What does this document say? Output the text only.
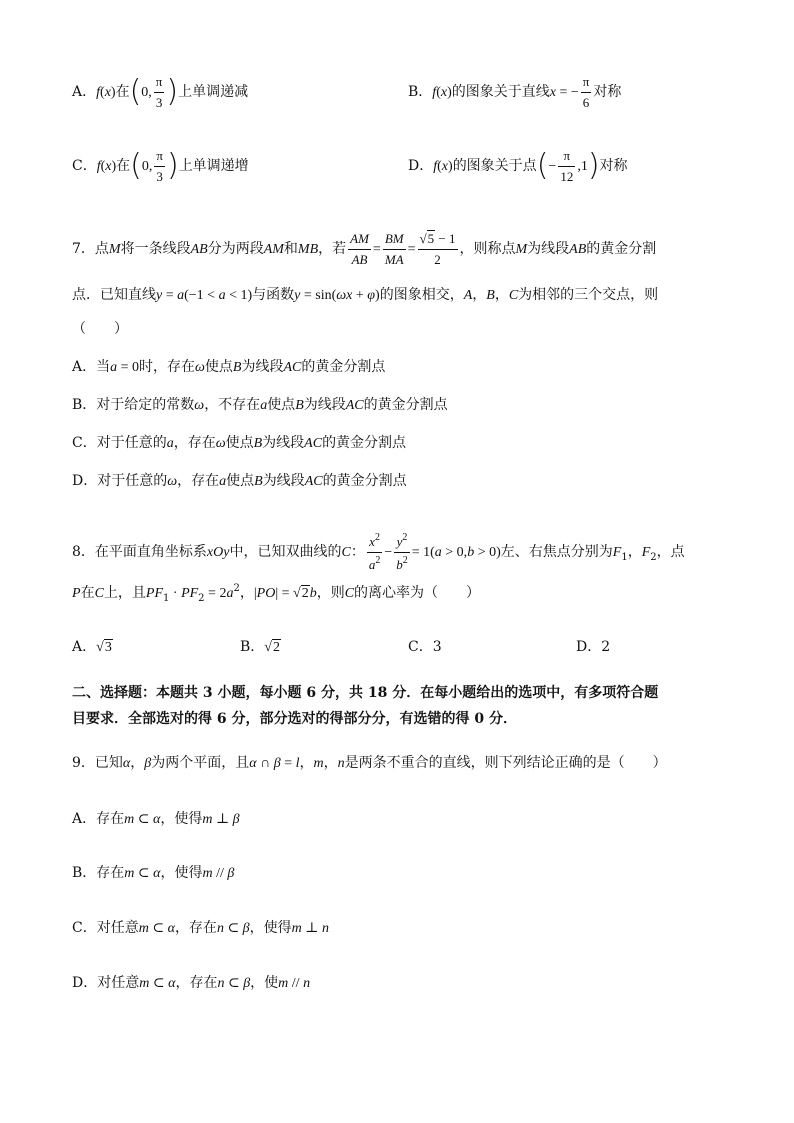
A．f(x)在(0, $\frac{\pi}{3}$ )上单调递减	B．f(x)的图象关于直线x = − $\frac{\pi}{6}$ 对称
C．f(x)在(0, $\frac{\pi}{3}$ )上单调递增	D．f(x)的图象关于点(− $\frac{\pi}{12} ,1$)对称
7．点M将一条线段AB分为两段AM和MB，若 $\frac{AM}{AB} = \frac{BM}{MA} = \frac{√5 - 1}{2}$ ，则称点M为线段AB的黄金分割
点．已知直线y = a(−1 < a < 1)与函数y = sin(ωx + φ)的图象相交，A，B，C为相邻的三个交点，则
（　　）
A．当a = 0时，存在ω使点B为线段AC的黄金分割点
B．对于给定的常数ω，不存在a使点B为线段AC的黄金分割点
C．对于任意的a，存在ω使点B为线段AC的黄金分割点
D．对于任意的ω，存在a使点B为线段AC的黄金分割点
8．在平面直角坐标系xOy中，已知双曲线的C： $\frac{x^2}{a^2} - \frac{y^2}{b^2} = 1(a > 0,b > 0)$左、右焦点分别为$F_1$，$F_2$，点
P在C上，且$PF_1 \cdot PF_2 = 2a^2$，|PO| = √2b，则C的离心率为（　　）
A．√3	B．√2	C．3	D．2
二、选择题：本题共 3 小题，每小题 6 分，共 18 分．在每小题给出的选项中，有多项符合题
目要求．全部选对的得 6 分，部分选对的得部分分，有选错的得 0 分．
9．已知α，β为两个平面，且α ∩ β = l，m，n是两条不重合的直线，则下列结论正确的是（　　）
A．存在m ⊂ α，使得m ⊥ β
B．存在m ⊂ α，使得m // β
C．对任意m ⊂ α，存在n ⊂ β，使得m ⊥ n
D．对任意m ⊂ α，存在n ⊂ β，使m // n
